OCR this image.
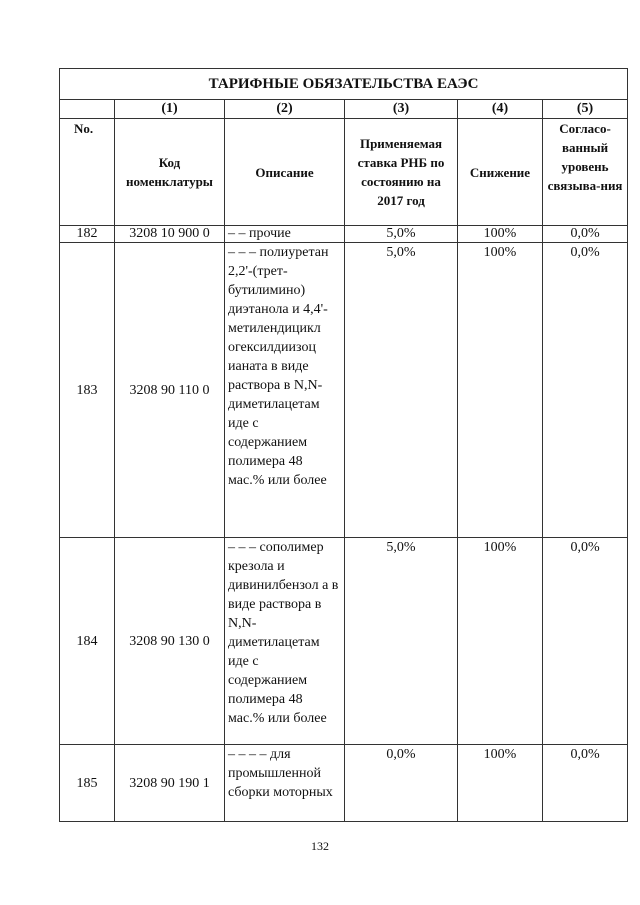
ТАРИФНЫЕ ОБЯЗАТЕЛЬСТВА ЕАЭС					
	(1)	(2)	(3)	(4)	(5)
No.	Код номенклатуры	Описание	Применяемая ставка РНБ по состоянию на 2017 год	Снижение	Согласо-ванный уровень связыва-ния
182	3208 10 900 0	– – прочие	5,0%	100%	0,0%
183	3208 90 110 0	– – – полиуретан 2,2'-(трет-бутилимино) диэтанола и 4,4'-метилендицикл огексилдиизоц ианата в виде раствора в N,N-диметилацетам иде с содержанием полимера 48 мас.% или более	5,0%	100%	0,0%
184	3208 90 130 0	– – – сополимер крезола и дивинилбензол а в виде раствора в N,N-диметилацетам иде с содержанием полимера 48 мас.% или более	5,0%	100%	0,0%
185	3208 90 190 1	– – – – для промышленной сборки моторных	0,0%	100%	0,0%
132
